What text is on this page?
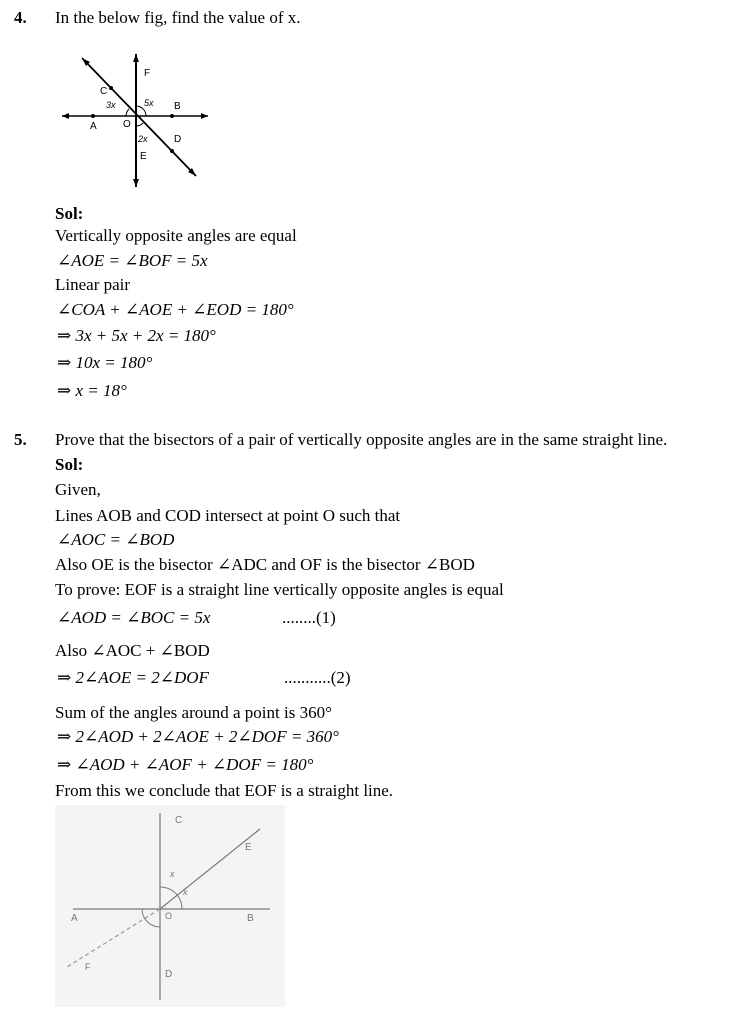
4. In the below fig, find the value of x.
F
C
3x	5x B
A	O
2x	D
E
Sol:
Vertically opposite angles are equal
∠AOE = ∠BOF = 5x
Linear pair
∠COA + ∠AOE + ∠EOD = 180°
⇒ 3x + 5x + 2x = 180°
⇒ 10x = 180°
⇒ x = 18°
5. Prove that the bisectors of a pair of vertically opposite angles are in the same straight line.
Sol:
Given,
Lines AOB and COD intersect at point O such that
∠AOC = ∠BOD
Also OE is the bisector ∠ADC and OF is the bisector ∠BOD
To prove: EOF is a straight line vertically opposite angles is equal
∠AOD = ∠BOC = 5x	........(1)
Also ∠AOC + ∠BOD
⇒ 2∠AOE = 2∠DOF	...........(2)
Sum of the angles around a point is 360°
⇒ 2∠AOD + 2∠AOE + 2∠DOF = 360°
⇒ ∠AOD + ∠AOF + ∠DOF = 180°
From this we conclude that EOF is a straight line.
C
E
A	O	B
F
D
x
x
